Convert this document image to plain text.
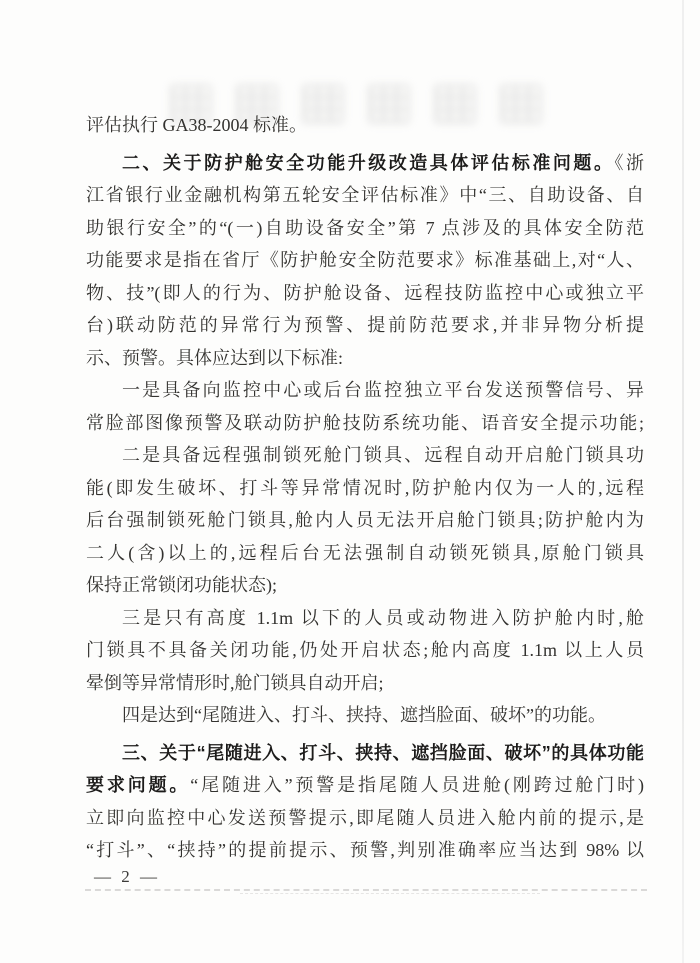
评估执行 GA38-2004 标准。
二、关于防护舱安全功能升级改造具体评估标准问题。《浙
江省银行业金融机构第五轮安全评估标准》中“三、自助设备、自
助银行安全”的“(一)自助设备安全”第 7 点涉及的具体安全防范
功能要求是指在省厅《防护舱安全防范要求》标准基础上,对“人、
物、技”(即人的行为、防护舱设备、远程技防监控中心或独立平
台)联动防范的异常行为预警、提前防范要求,并非异物分析提
示、预警。具体应达到以下标准:
一是具备向监控中心或后台监控独立平台发送预警信号、异
常脸部图像预警及联动防护舱技防系统功能、语音安全提示功能;
二是具备远程强制锁死舱门锁具、远程自动开启舱门锁具功
能(即发生破坏、打斗等异常情况时,防护舱内仅为一人的,远程
后台强制锁死舱门锁具,舱内人员无法开启舱门锁具;防护舱内为
二人(含)以上的,远程后台无法强制自动锁死锁具,原舱门锁具
保持正常锁闭功能状态);
三是只有高度 1.1m 以下的人员或动物进入防护舱内时,舱
门锁具不具备关闭功能,仍处开启状态;舱内高度 1.1m 以上人员
晕倒等异常情形时,舱门锁具自动开启;
四是达到“尾随进入、打斗、挟持、遮挡脸面、破坏”的功能。
三、关于“尾随进入、打斗、挟持、遮挡脸面、破坏”的具体功能
要求问题。“尾随进入”预警是指尾随人员进舱(刚跨过舱门时)
立即向监控中心发送预警提示,即尾随人员进入舱内前的提示,是
“打斗”、“挟持”的提前提示、预警,判别准确率应当达到 98% 以
— 2 —
